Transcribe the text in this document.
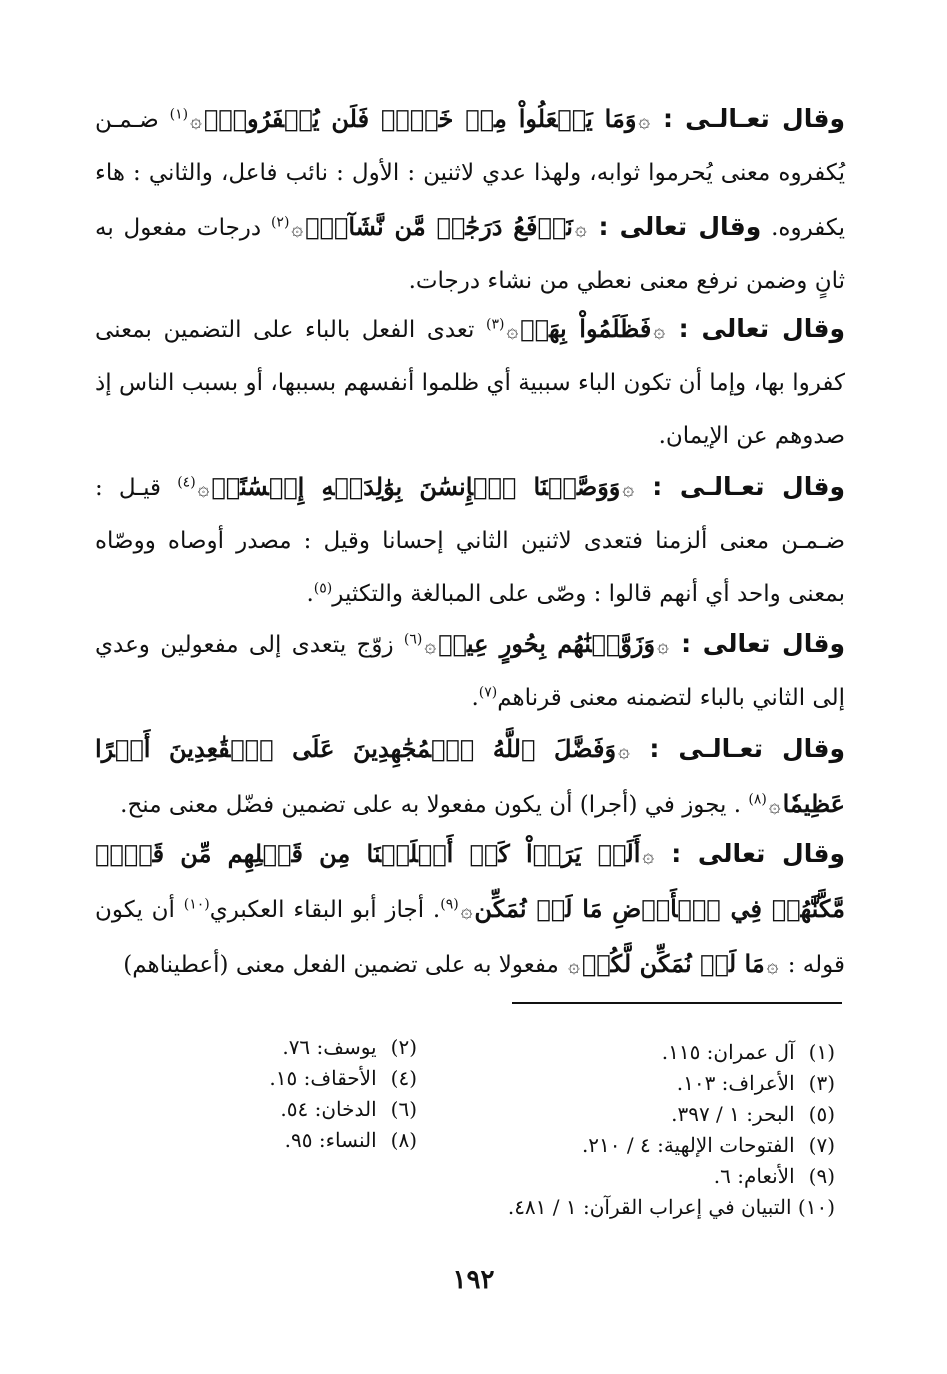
وقال تعـالـى : ۞وَمَا يَفۡعَلُواْ مِنۡ خَيۡرٖ فَلَن يُكۡفَرُوهُۗ۞$^{(١)}$ ضـمـن يُكفروه معنى يُحرموا ثوابه، ولهذا عدي لاثنين : الأول : نائب فاعل، والثاني : هاء يكفروه. وقال تعالى : ۞نَرۡفَعُ دَرَجَٰتٖ مَّن نَّشَآءُۗ۞$^{(٢)}$ درجات مفعول به ثانٍ وضمن نرفع معنى نعطي من نشاء درجات.

وقال تعالى : ۞فَظَلَمُواْ بِهَاۖ۞$^{(٣)}$ تعدى الفعل بالباء على التضمين بمعنى كفروا بها، وإما أن تكون الباء سببية أي ظلموا أنفسهم بسببها، أو بسبب الناس إذ صدوهم عن الإيمان.

وقال تعـالـى : ۞وَوَصَّيۡنَا ٱلۡإِنسَٰنَ بِوَٰلِدَيۡهِ إِحۡسَٰنًاۖ۞$^{(٤)}$ قيـل : ضـمـن معنى ألزمنا فتعدى لاثنين الثاني إحسانا وقيل : مصدر أوصاه ووصّاه بمعنى واحد أي أنهم قالوا : وصّى على المبالغة والتكثير$^{(٥)}$.

وقال تعالى : ۞وَزَوَّجۡنَٰهُم بِحُورٍ عِينٖ۞$^{(٦)}$ زوّج يتعدى إلى مفعولين وعدي إلى الثاني بالباء لتضمنه معنى قرناهم$^{(٧)}$.

وقال تعـالـى : ۞وَفَضَّلَ ٱللَّهُ ٱلۡمُجَٰهِدِينَ عَلَى ٱلۡقَٰعِدِينَ أَجۡرًا عَظِيمٗا۞$^{(٨)}$ . يجوز في (أجرا) أن يكون مفعولا به على تضمين فضّل معنى منح.

وقال تعالى : ۞أَلَمۡ يَرَوۡاْ كَمۡ أَهۡلَكۡنَا مِن قَبۡلِهِم مِّن قَرۡنٖ مَّكَّنَّٰهُمۡ فِي ٱلۡأَرۡضِ مَا لَمۡ نُمَكِّن۞$^{(٩)}$. أجاز أبو البقاء العكبري$^{(١٠)}$ أن يكون قوله : ۞مَا لَمۡ نُمَكِّن لَّكُمۡ۞ مفعولا به على تضمين الفعل معنى (أعطيناهم)

(١) آل عمران: ١١٥.
(٣) الأعراف: ١٠٣.
(٥) البحر: ١ / ٣٩٧.
(٧) الفتوحات الإلهية: ٤ / ٢١٠.
(٩) الأنعام: ٦.
(١٠) التبيان في إعراب القرآن: ١ / ٤٨١.
(٢) يوسف: ٧٦.
(٤) الأحقاف: ١٥.
(٦) الدخان: ٥٤.
(٨) النساء: ٩٥.
١٩٢
